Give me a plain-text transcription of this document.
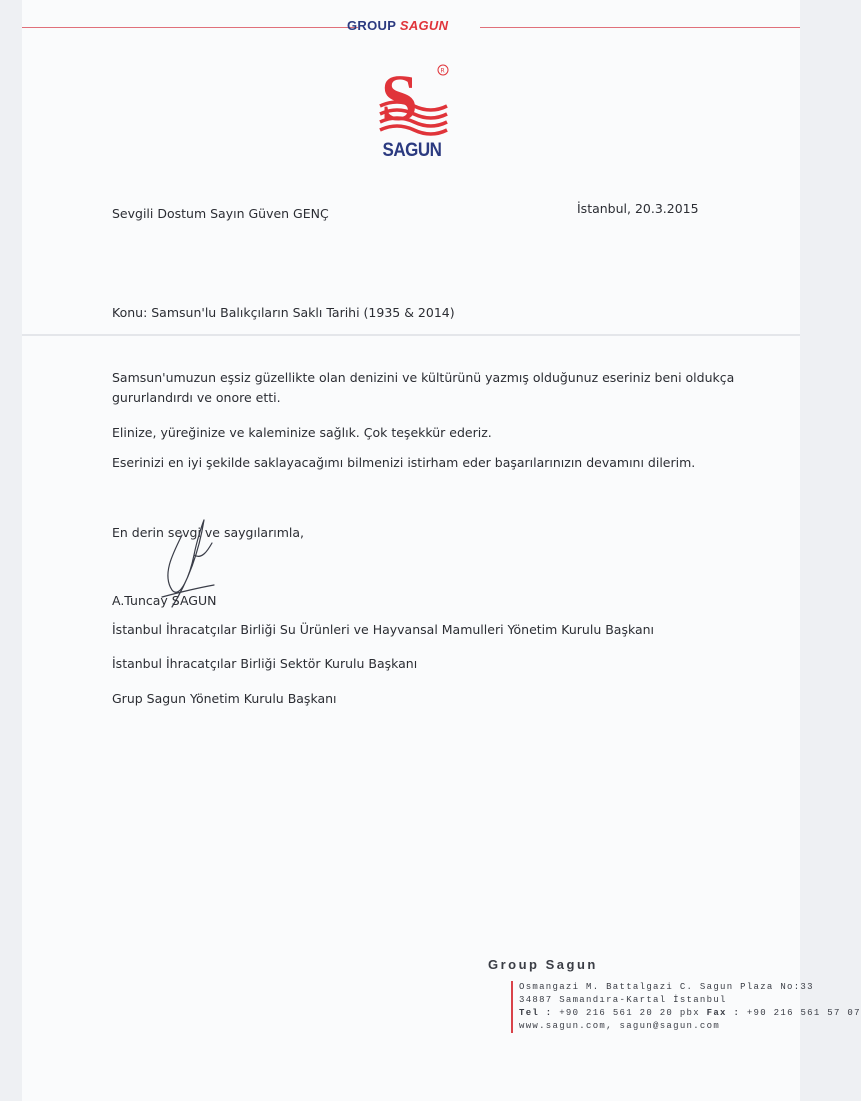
GROUP SAGUN
S	R
SAGUN
Sevgili Dostum Sayın Güven GENÇ	İstanbul, 20.3.2015
Konu: Samsun'lu Balıkçıların Saklı Tarihi (1935 & 2014)
Samsun'umuzun eşsiz güzellikte olan denizini ve kültürünü yazmış olduğunuz eseriniz beni oldukça
gururlandırdı ve onore etti.
Elinize, yüreğinize ve kaleminize sağlık. Çok teşekkür ederiz.
Eserinizi en iyi şekilde saklayacağımı bilmenizi istirham eder başarılarınızın devamını dilerim.
En derin sevgi ve saygılarımla,
A.Tuncay SAGUN
İstanbul İhracatçılar Birliği Su Ürünleri ve Hayvansal Mamulleri Yönetim Kurulu Başkanı
İstanbul İhracatçılar Birliği Sektör Kurulu Başkanı
Grup Sagun Yönetim Kurulu Başkanı
Group Sagun
Osmangazi M. Battalgazi C. Sagun Plaza No:33
34887 Samandıra-Kartal İstanbul
Tel : +90 216 561 20 20 pbx Fax : +90 216 561 57 07
www.sagun.com, sagun@sagun.com
